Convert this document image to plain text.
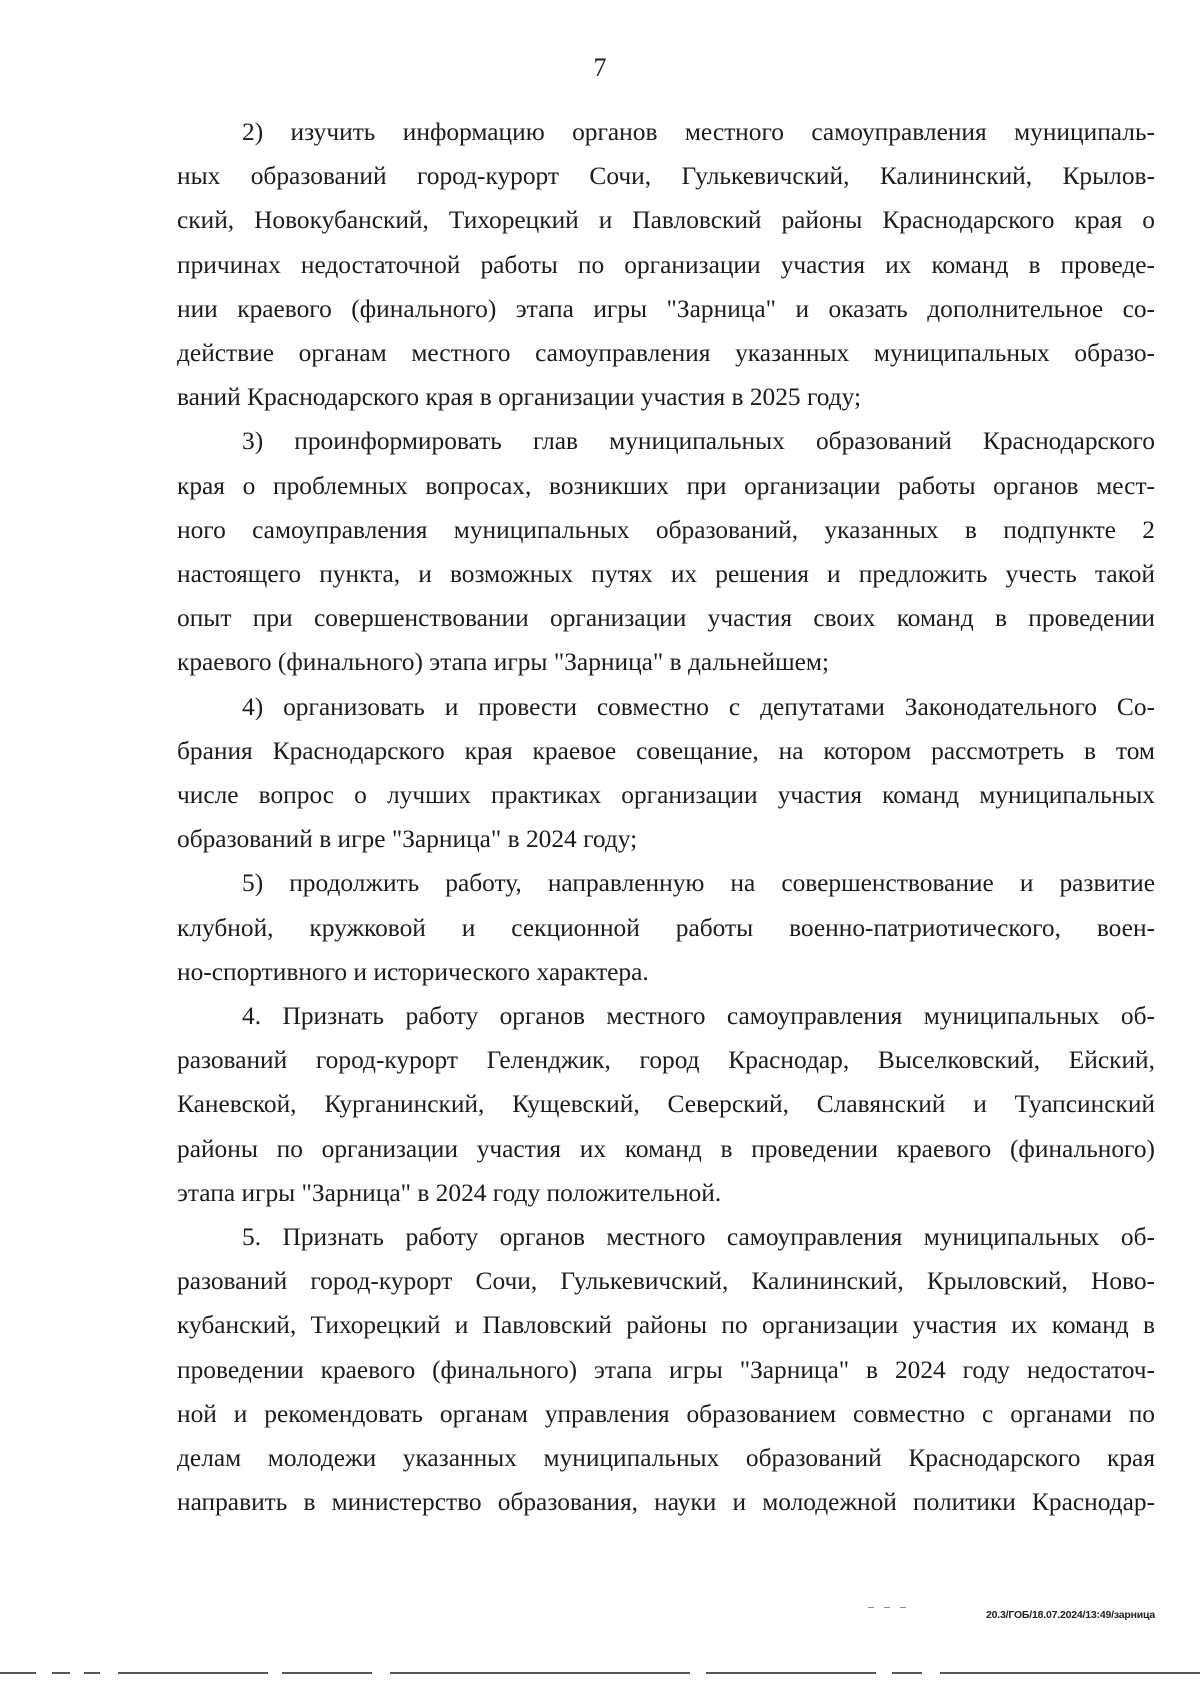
7
2) изучить информацию органов местного самоуправления муниципаль-
ных образований город-курорт Сочи, Гулькевичский, Калининский, Крылов-
ский, Новокубанский, Тихорецкий и Павловский районы Краснодарского края о
причинах недостаточной работы по организации участия их команд в проведе-
нии краевого (финального) этапа игры "Зарница" и оказать дополнительное со-
действие органам местного самоуправления указанных муниципальных образо-
ваний Краснодарского края в организации участия в 2025 году;
3) проинформировать глав муниципальных образований Краснодарского
края о проблемных вопросах, возникших при организации работы органов мест-
ного самоуправления муниципальных образований, указанных в подпункте 2
настоящего пункта, и возможных путях их решения и предложить учесть такой
опыт при совершенствовании организации участия своих команд в проведении
краевого (финального) этапа игры "Зарница" в дальнейшем;
4) организовать и провести совместно с депутатами Законодательного Со-
брания Краснодарского края краевое совещание, на котором рассмотреть в том
числе вопрос о лучших практиках организации участия команд муниципальных
образований в игре "Зарница" в 2024 году;
5) продолжить работу, направленную на совершенствование и развитие
клубной, кружковой и секционной работы военно-патриотического, воен-
но-спортивного и исторического характера.
4. Признать работу органов местного самоуправления муниципальных об-
разований город-курорт Геленджик, город Краснодар, Выселковский, Ейский,
Каневской, Курганинский, Кущевский, Северский, Славянский и Туапсинский
районы по организации участия их команд в проведении краевого (финального)
этапа игры "Зарница" в 2024 году положительной.
5. Признать работу органов местного самоуправления муниципальных об-
разований город-курорт Сочи, Гулькевичский, Калининский, Крыловский, Ново-
кубанский, Тихорецкий и Павловский районы по организации участия их команд в
проведении краевого (финального) этапа игры "Зарница" в 2024 году недостаточ-
ной и рекомендовать органам управления образованием совместно с органами по
делам молодежи указанных муниципальных образований Краснодарского края
направить в министерство образования, науки и молодежной политики Краснодар-
20.3/ГОБ/18.07.2024/13:49/зарница
